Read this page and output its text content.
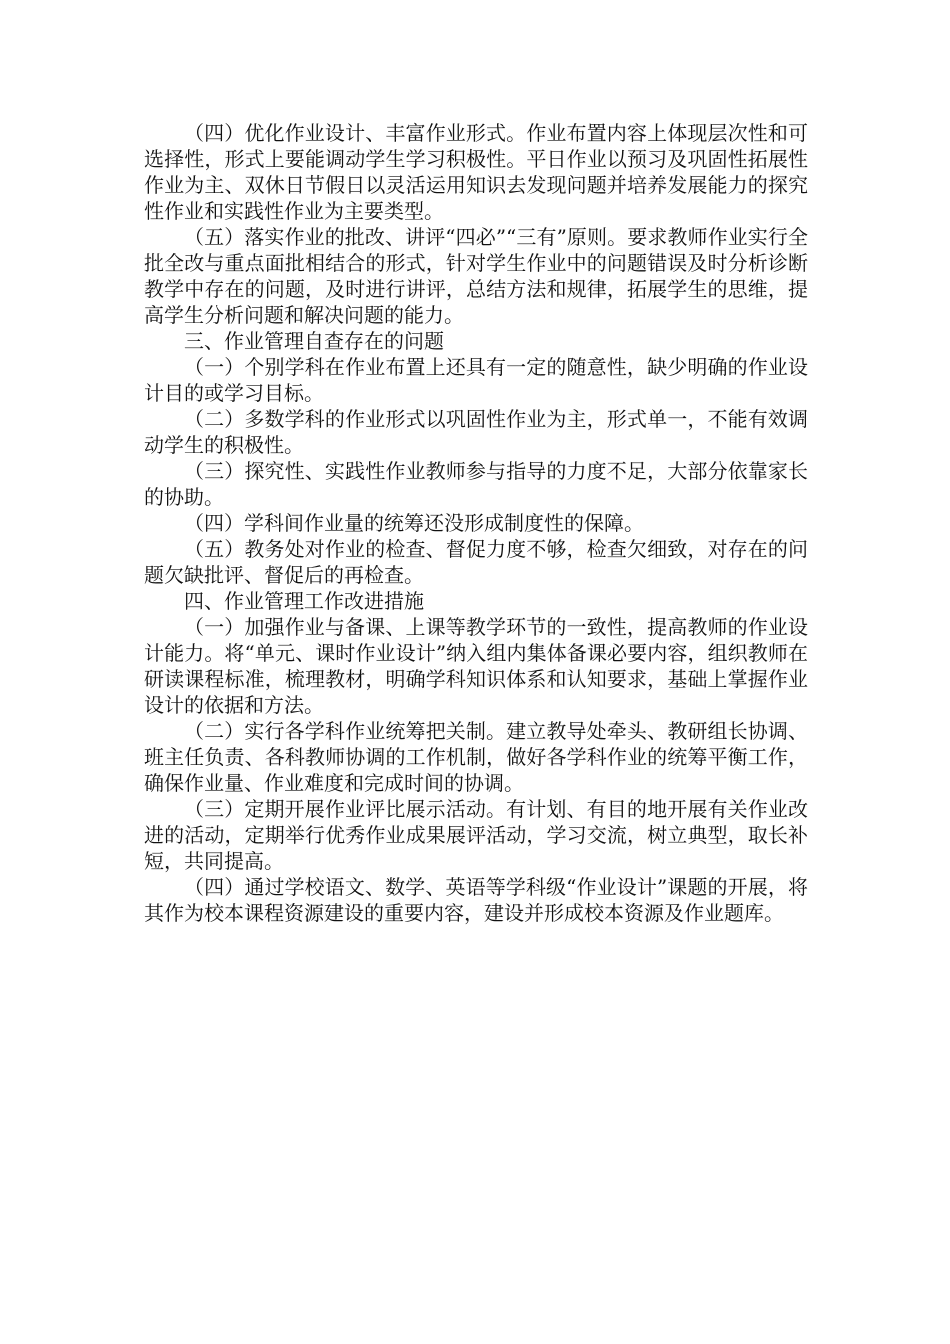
（四）优化作业设计、丰富作业形式。作业布置内容上体现层次性和可选择性，形式上要能调动学生学习积极性。平日作业以预习及巩固性拓展性作业为主、双休日节假日以灵活运用知识去发现问题并培养发展能力的探究性作业和实践性作业为主要类型。

（五）落实作业的批改、讲评“四必”“三有”原则。要求教师作业实行全批全改与重点面批相结合的形式，针对学生作业中的问题错误及时分析诊断教学中存在的问题，及时进行讲评，总结方法和规律，拓展学生的思维，提高学生分析问题和解决问题的能力。

三、作业管理自查存在的问题

（一）个别学科在作业布置上还具有一定的随意性，缺少明确的作业设计目的或学习目标。

（二）多数学科的作业形式以巩固性作业为主，形式单一，不能有效调动学生的积极性。

（三）探究性、实践性作业教师参与指导的力度不足，大部分依靠家长的协助。

（四）学科间作业量的统筹还没形成制度性的保障。

（五）教务处对作业的检查、督促力度不够，检查欠细致，对存在的问题欠缺批评、督促后的再检查。

四、作业管理工作改进措施

（一）加强作业与备课、上课等教学环节的一致性，提高教师的作业设计能力。将“单元、课时作业设计”纳入组内集体备课必要内容，组织教师在研读课程标准，梳理教材，明确学科知识体系和认知要求，基础上掌握作业设计的依据和方法。

（二）实行各学科作业统筹把关制。建立教导处牵头、教研组长协调、班主任负责、各科教师协调的工作机制，做好各学科作业的统筹平衡工作，确保作业量、作业难度和完成时间的协调。

（三）定期开展作业评比展示活动。有计划、有目的地开展有关作业改进的活动，定期举行优秀作业成果展评活动，学习交流，树立典型，取长补短，共同提高。

（四）通过学校语文、数学、英语等学科级“作业设计”课题的开展，将其作为校本课程资源建设的重要内容，建设并形成校本资源及作业题库。
